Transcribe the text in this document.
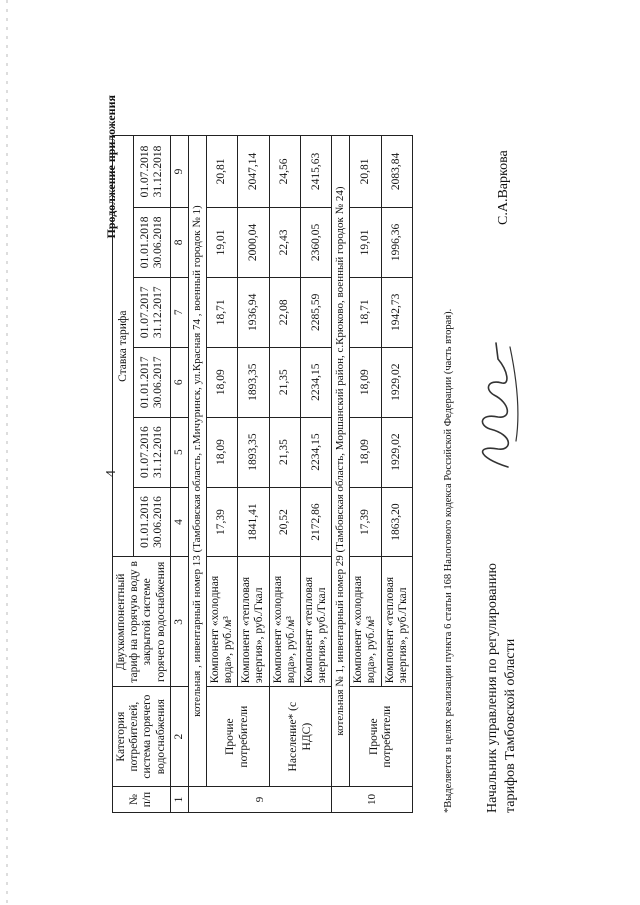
4
Продолжение приложения
№ п/п	Категория потребителей, система горячего водоснабжения	Двухкомпонентный тариф на горячую воду в закрытой системе горячего водоснабжения	Ставка тарифа					
			01.01.2016 30.06.2016	01.07.2016 31.12.2016	01.01.2017 30.06.2017	01.07.2017 31.12.2017	01.01.2018 30.06.2018	01.07.2018 31.12.2018
1	2	3	4	5	6	7	8	9
9	котельная , инвентарный номер 13 (Тамбовская область, г.Мичуринск, ул.Красная 74 , военный городок № 1)							
	Прочие потребители	Компонент «холодная вода», руб./м³	17,39	18,09	18,09	18,71	19,01	20,81
		Компонент «тепловая энергия», руб./Гкал	1841,41	1893,35	1893,35	1936,94	2000,04	2047,14
	Население* (с НДС)	Компонент «холодная вода», руб./м³	20,52	21,35	21,35	22,08	22,43	24,56
		Компонент «тепловая энергия», руб./Гкал	2172,86	2234,15	2234,15	2285,59	2360,05	2415,63
10	котельная № 1, инвентарный номер 29 (Тамбовская область, Моршанский район, с.Крюково, военный городок № 24)							
	Прочие потребители	Компонент «холодная вода», руб./м³	17,39	18,09	18,09	18,71	19,01	20,81
		Компонент «тепловая энергия», руб./Гкал	1863,20	1929,02	1929,02	1942,73	1996,36	2083,84
*Выделяется в целях реализации пункта 6 статьи 168 Налогового кодекса Российской Федерации (часть вторая). Начальник управления по регулированию тарифов Тамбовской области
С.А.Варкова
